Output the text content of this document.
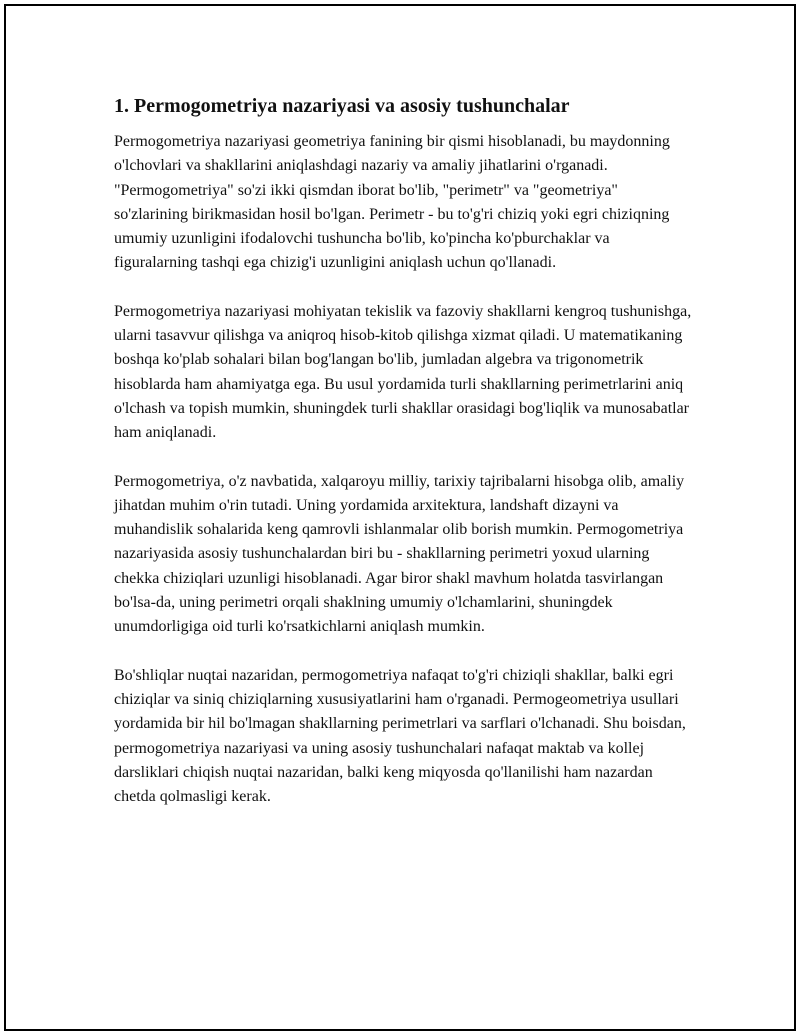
1. Permogometriya nazariyasi va asosiy tushunchalar

Permogometriya nazariyasi geometriya fanining bir qismi hisoblanadi, bu maydonning o'lchovlari va shakllarini aniqlashdagi nazariy va amaliy jihatlarini o'rganadi. "Permogometriya" so'zi ikki qismdan iborat bo'lib, "perimetr" va "geometriya" so'zlarining birikmasidan hosil bo'lgan. Perimetr - bu to'g'ri chiziq yoki egri chiziqning umumiy uzunligini ifodalovchi tushuncha bo'lib, ko'pincha ko'pburchaklar va figuralarning tashqi ega chizig'i uzunligini aniqlash uchun qo'llanadi.

Permogometriya nazariyasi mohiyatan tekislik va fazoviy shakllarni kengroq tushunishga, ularni tasavvur qilishga va aniqroq hisob-kitob qilishga xizmat qiladi. U matematikaning boshqa ko'plab sohalari bilan bog'langan bo'lib, jumladan algebra va trigonometrik hisoblarda ham ahamiyatga ega. Bu usul yordamida turli shakllarning perimetrlarini aniq o'lchash va topish mumkin, shuningdek turli shakllar orasidagi bog'liqlik va munosabatlar ham aniqlanadi.

Permogometriya, o'z navbatida, xalqaroyu milliy, tarixiy tajribalarni hisobga olib, amaliy jihatdan muhim o'rin tutadi. Uning yordamida arxitektura, landshaft dizayni va muhandislik sohalarida keng qamrovli ishlanmalar olib borish mumkin. Permogometriya nazariyasida asosiy tushunchalardan biri bu - shakllarning perimetri yoxud ularning chekka chiziqlari uzunligi hisoblanadi. Agar biror shakl mavhum holatda tasvirlangan bo'lsa-da, uning perimetri orqali shaklning umumiy o'lchamlarini, shuningdek unumdorligiga oid turli ko'rsatkichlarni aniqlash mumkin.

Bo'shliqlar nuqtai nazaridan, permogometriya nafaqat to'g'ri chiziqli shakllar, balki egri chiziqlar va siniq chiziqlarning xususiyatlarini ham o'rganadi. Permogeometriya usullari yordamida bir hil bo'lmagan shakllarning perimetrlari va sarflari o'lchanadi. Shu boisdan, permogometriya nazariyasi va uning asosiy tushunchalari nafaqat maktab va kollej darsliklari chiqish nuqtai nazaridan, balki keng miqyosda qo'llanilishi ham nazardan chetda qolmasligi kerak.
